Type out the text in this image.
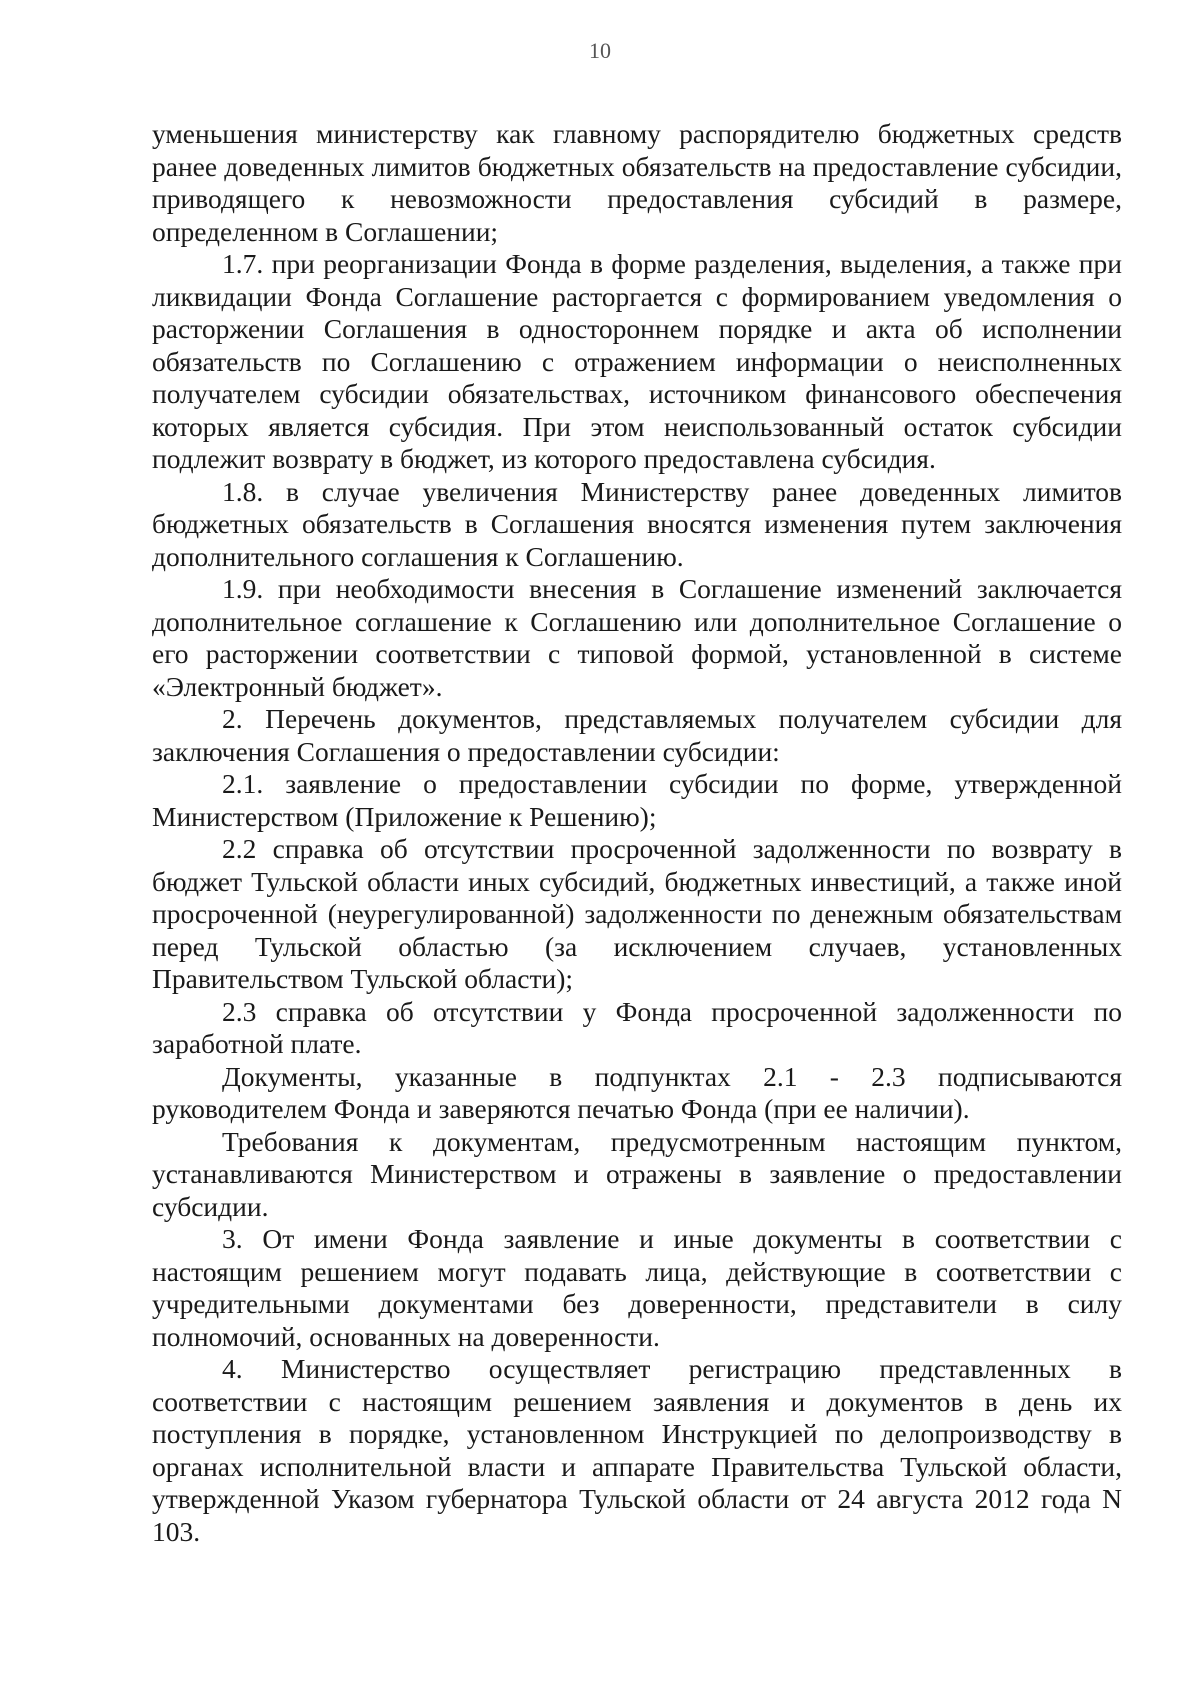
10

уменьшения министерству как главному распорядителю бюджетных средств ранее доведенных лимитов бюджетных обязательств на предоставление субсидии, приводящего к невозможности предоставления субсидий в размере, определенном в Соглашении;

1.7. при реорганизации Фонда в форме разделения, выделения, а также при ликвидации Фонда Соглашение расторгается с формированием уведомления о расторжении Соглашения в одностороннем порядке и акта об исполнении обязательств по Соглашению с отражением информации о неисполненных получателем субсидии обязательствах, источником финансового обеспечения которых является субсидия. При этом неиспользованный остаток субсидии подлежит возврату в бюджет, из которого предоставлена субсидия.

1.8. в случае увеличения Министерству ранее доведенных лимитов бюджетных обязательств в Соглашения вносятся изменения путем заключения дополнительного соглашения к Соглашению.

1.9. при необходимости внесения в Соглашение изменений заключается дополнительное соглашение к Соглашению или дополнительное Соглашение о его расторжении соответствии с типовой формой, установленной в системе «Электронный бюджет».

2. Перечень документов, представляемых получателем субсидии для заключения Соглашения о предоставлении субсидии:

2.1. заявление о предоставлении субсидии по форме, утвержденной Министерством (Приложение к Решению);

2.2 справка об отсутствии просроченной задолженности по возврату в бюджет Тульской области иных субсидий, бюджетных инвестиций, а также иной просроченной (неурегулированной) задолженности по денежным обязательствам перед Тульской областью (за исключением случаев, установленных Правительством Тульской области);

2.3 справка об отсутствии у Фонда просроченной задолженности по заработной плате.

Документы, указанные в подпунктах 2.1 - 2.3 подписываются руководителем Фонда и заверяются печатью Фонда (при ее наличии).

Требования к документам, предусмотренным настоящим пунктом, устанавливаются Министерством и отражены в заявление о предоставлении субсидии.

3. От имени Фонда заявление и иные документы в соответствии с настоящим решением могут подавать лица, действующие в соответствии с учредительными документами без доверенности, представители в силу полномочий, основанных на доверенности.

4. Министерство осуществляет регистрацию представленных в соответствии с настоящим решением заявления и документов в день их поступления в порядке, установленном Инструкцией по делопроизводству в органах исполнительной власти и аппарате Правительства Тульской области, утвержденной Указом губернатора Тульской области от 24 августа 2012 года N 103.
